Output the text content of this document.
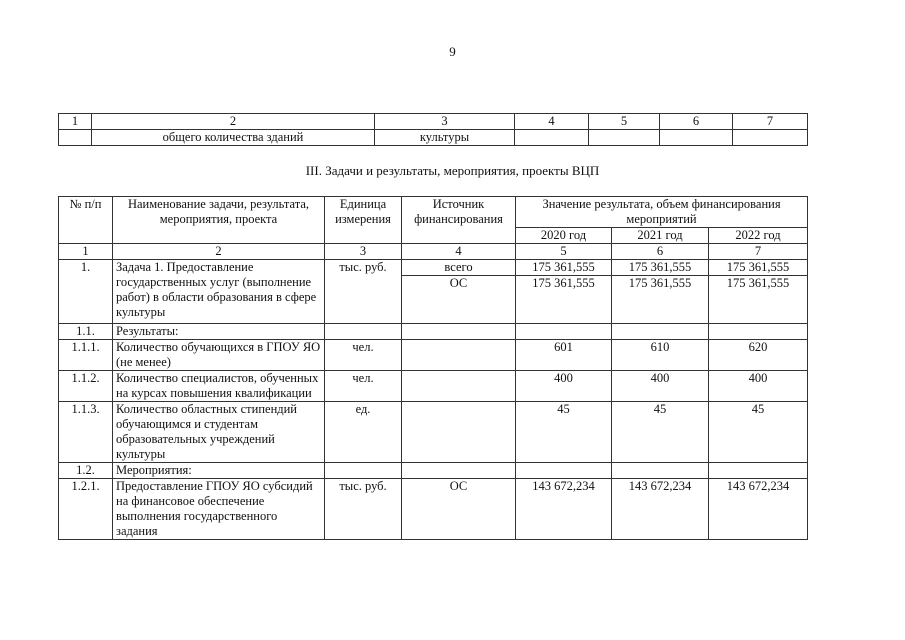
9
1	2	3	4	5	6	7
	общего количества зданий	культуры				
III. Задачи и результаты, мероприятия, проекты ВЦП
№ п/п	Наименование задачи, результата, мероприятия, проекта	Единица измерения	Источник финансирования	Значение результата, объем финансирования мероприятий		
				2020 год	2021 год	2022 год
1	2	3	4	5	6	7
1.	Задача 1. Предоставление государственных услуг (выполнение работ) в области образования в сфере культуры	тыс. руб.	всего	175 361,555	175 361,555	175 361,555
			ОС	175 361,555	175 361,555	175 361,555
1.1.	Результаты:					
1.1.1.	Количество обучающихся в ГПОУ ЯО (не менее)	чел.		601	610	620
1.1.2.	Количество специалистов, обученных на курсах повышения квалификации	чел.		400	400	400
1.1.3.	Количество областных стипендий обучающимся и студентам образовательных учреждений культуры	ед.		45	45	45
1.2.	Мероприятия:					
1.2.1.	Предоставление ГПОУ ЯО субсидий на финансовое обеспечение выполнения государственного задания	тыс. руб.	ОС	143 672,234	143 672,234	143 672,234
